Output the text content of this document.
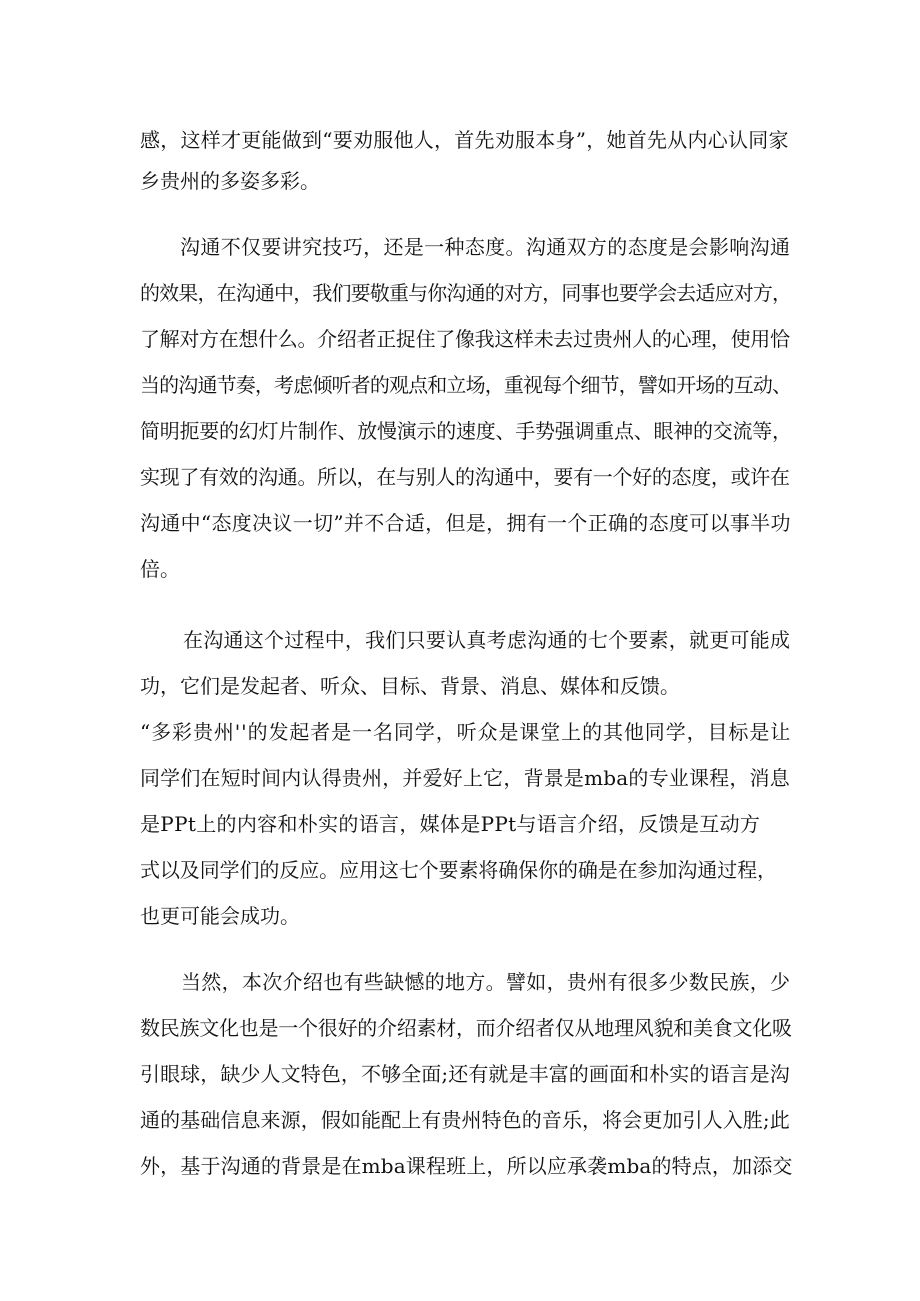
感，这样才更能做到“要劝服他人，首先劝服本身”，她首先从内心认同家
乡贵州的多姿多彩。
沟通不仅要讲究技巧，还是一种态度。沟通双方的态度是会影响沟通
的效果，在沟通中，我们要敬重与你沟通的对方，同事也要学会去适应对方，
了解对方在想什么。介绍者正捉住了像我这样未去过贵州人的心理，使用恰
当的沟通节奏，考虑倾听者的观点和立场，重视每个细节，譬如开场的互动、
简明扼要的幻灯片制作、放慢演示的速度、手势强调重点、眼神的交流等，
实现了有效的沟通。所以，在与别人的沟通中，要有一个好的态度，或许在
沟通中“态度决议一切”并不合适，但是，拥有一个正确的态度可以事半功
倍。
在沟通这个过程中，我们只要认真考虑沟通的七个要素，就更可能成
功，它们是发起者、听众、目标、背景、消息、媒体和反馈。
“多彩贵州''的发起者是一名同学，听众是课堂上的其他同学，目标是让
同学们在短时间内认得贵州，并爱好上它，背景是mba的专业课程，消息
是PPt上的内容和朴实的语言，媒体是PPt与语言介绍，反馈是互动方
式以及同学们的反应。应用这七个要素将确保你的确是在参加沟通过程，
也更可能会成功。
当然，本次介绍也有些缺憾的地方。譬如，贵州有很多少数民族，少
数民族文化也是一个很好的介绍素材，而介绍者仅从地理风貌和美食文化吸
引眼球，缺少人文特色，不够全面;还有就是丰富的画面和朴实的语言是沟
通的基础信息来源，假如能配上有贵州特色的音乐，将会更加引人入胜;此
外，基于沟通的背景是在mba课程班上，所以应承袭mba的特点，加添交
